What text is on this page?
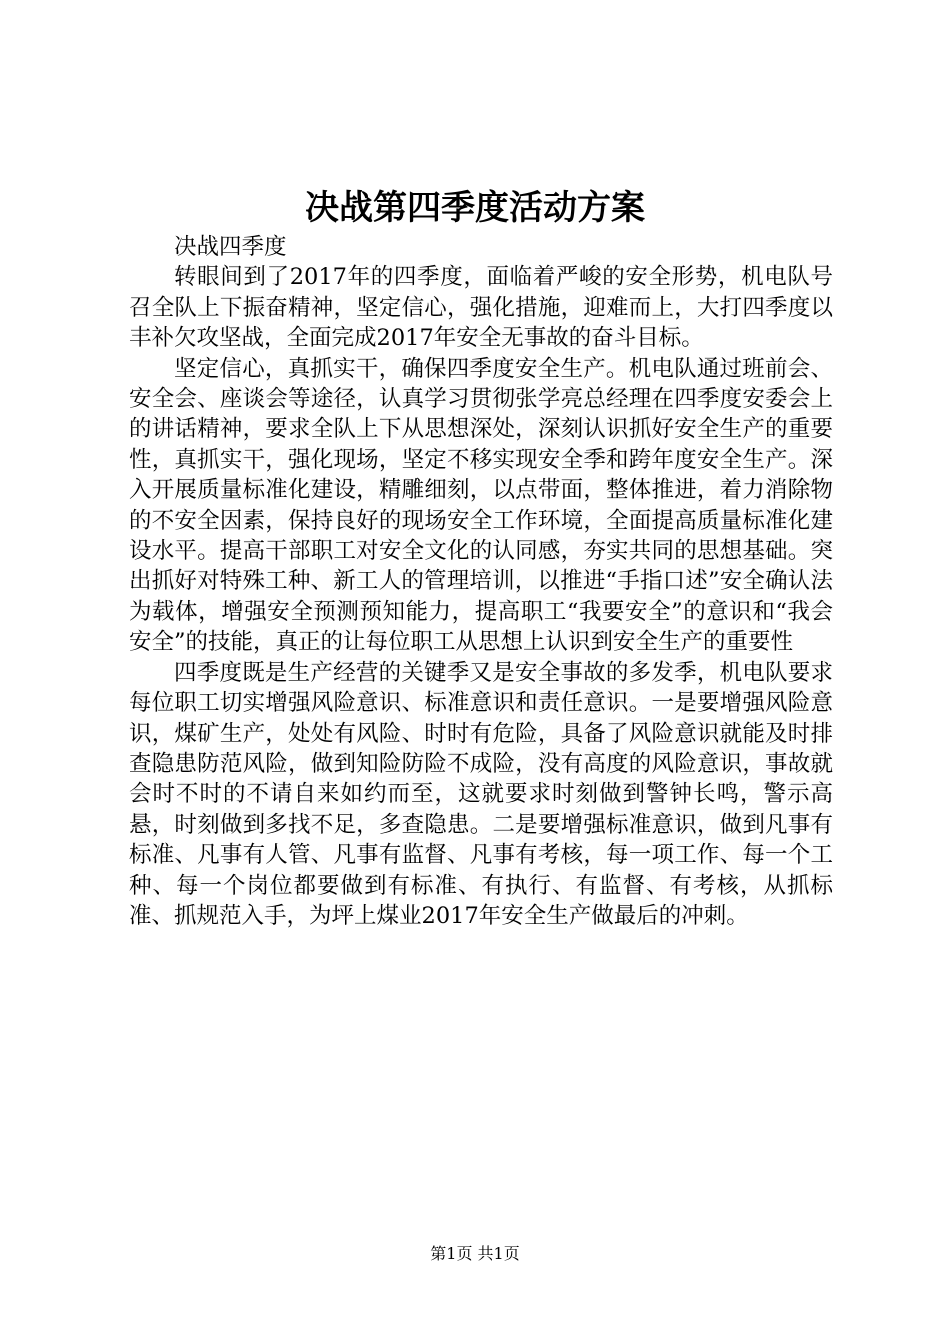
决战第四季度活动方案

决战四季度

转眼间到了2017年的四季度，面临着严峻的安全形势，机电队号召全队上下振奋精神，坚定信心，强化措施，迎难而上，大打四季度以丰补欠攻坚战，全面完成2017年安全无事故的奋斗目标。

坚定信心，真抓实干，确保四季度安全生产。机电队通过班前会、安全会、座谈会等途径，认真学习贯彻张学亮总经理在四季度安委会上的讲话精神，要求全队上下从思想深处，深刻认识抓好安全生产的重要性，真抓实干，强化现场，坚定不移实现安全季和跨年度安全生产。深入开展质量标准化建设，精雕细刻，以点带面，整体推进，着力消除物的不安全因素，保持良好的现场安全工作环境，全面提高质量标准化建设水平。提高干部职工对安全文化的认同感，夯实共同的思想基础。突出抓好对特殊工种、新工人的管理培训，以推进“手指口述”安全确认法为载体，增强安全预测预知能力，提高职工“我要安全”的意识和“我会安全”的技能，真正的让每位职工从思想上认识到安全生产的重要性

四季度既是生产经营的关键季又是安全事故的多发季，机电队要求每位职工切实增强风险意识、标准意识和责任意识。一是要增强风险意识，煤矿生产，处处有风险、时时有危险，具备了风险意识就能及时排查隐患防范风险，做到知险防险不成险，没有高度的风险意识，事故就会时不时的不请自来如约而至，这就要求时刻做到警钟长鸣，警示高悬，时刻做到多找不足，多查隐患。二是要增强标准意识，做到凡事有标准、凡事有人管、凡事有监督、凡事有考核，每一项工作、每一个工种、每一个岗位都要做到有标准、有执行、有监督、有考核，从抓标准、抓规范入手，为坪上煤业2017年安全生产做最后的冲刺。

第1页 共1页
